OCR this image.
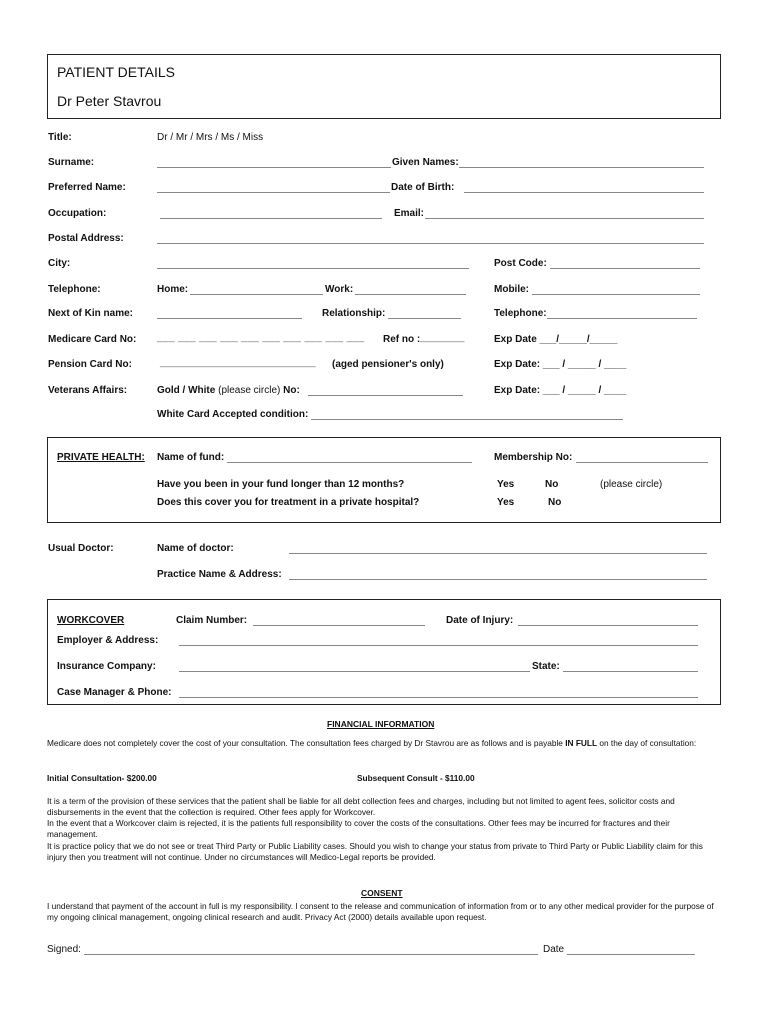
PATIENT DETAILS
Dr Peter Stavrou
Title:	Dr / Mr / Mrs / Ms / Miss
Surname:	Given Names:
Preferred Name:	Date of Birth:
Occupation:	Email:
Postal Address:
City:	Post Code:
Telephone:	Home:	Work:	Mobile:
Next of Kin name:	Relationship:	Telephone:
Medicare Card No: ___ ___ ___ ___ ___ ___ ___ ___ ___ ___ Ref no : ________	Exp Date ___/_____/_____
Pension Card No:	____________________________ (aged pensioner's only)	Exp Date: ___ / _____ / ____
Veterans Affairs:	Gold / White (please circle) No:	Exp Date: ___ / _____ / ____
White Card Accepted condition:
PRIVATE HEALTH: Name of fund:	Membership No:
Have you been in your fund longer than 12 months?	Yes	No	(please circle)
Does this cover you for treatment in a private hospital?	Yes	No
Usual Doctor:	Name of doctor:
Practice Name & Address:
WORKCOVER	Claim Number:	Date of Injury:
Employer & Address:
Insurance Company:	State:
Case Manager & Phone:
FINANCIAL INFORMATION
Medicare does not completely cover the cost of your consultation. The consultation fees charged by Dr Stavrou are as follows and is payable IN FULL on the day of consultation:
Initial Consultation- $200.00	Subsequent Consult - $110.00
It is a term of the provision of these services that the patient shall be liable for all debt collection fees and charges, including but not limited to agent fees, solicitor costs and disbursements in the event that the collection is required. Other fees apply for Workcover.
In the event that a Workcover claim is rejected, it is the patients full responsibility to cover the costs of the consultations. Other fees may be incurred for fractures and their management.
It is practice policy that we do not see or treat Third Party or Public Liability cases. Should you wish to change your status from private to Third Party or Public Liability claim for this injury then you treatment will not continue. Under no circumstances will Medico-Legal reports be provided.
CONSENT
I understand that payment of the account in full is my responsibility. I consent to the release and communication of information from or to any other medical provider for the purpose of my ongoing clinical management, ongoing clinical research and audit. Privacy Act (2000) details available upon request.
Signed:	Date
